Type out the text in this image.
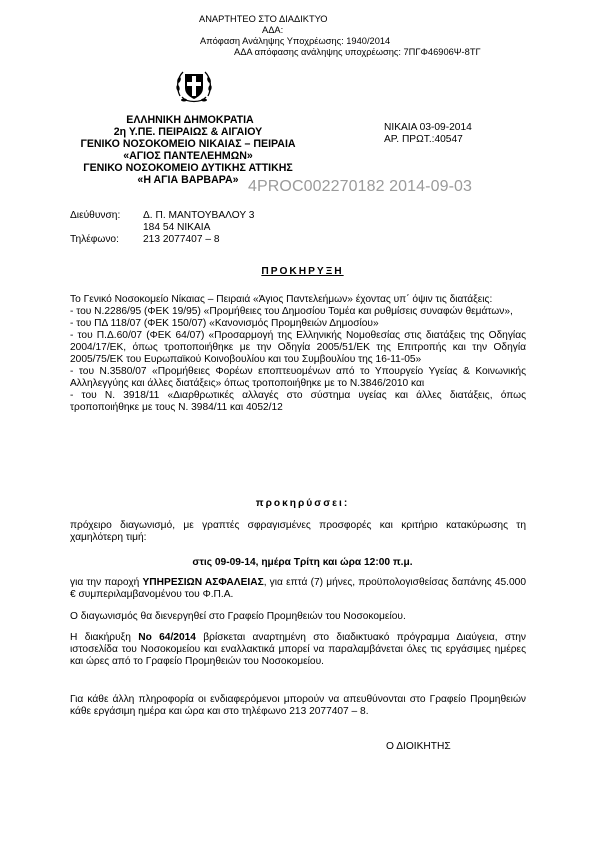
ΑΝΑΡΤΗΤΕΟ ΣΤΟ ΔΙΑΔΙΚΤΥΟ
ΑΔΑ:
Απόφαση Ανάληψης Υποχρέωσης: 1940/2014
ΑΔΑ απόφασης ανάληψης υποχρέωσης: 7ΠΓΦ46906Ψ-8ΤΓ
ΕΛΛΗΝΙΚΗ ΔΗΜΟΚΡΑΤΙΑ
2η Υ.ΠΕ. ΠΕΙΡΑΙΩΣ & ΑΙΓΑΙΟΥ
ΓΕΝΙΚΟ ΝΟΣΟΚΟΜΕΙΟ ΝΙΚΑΙΑΣ – ΠΕΙΡΑΙΑ
«ΑΓΙΟΣ ΠΑΝΤΕΛΕΗΜΩΝ»
ΓΕΝΙΚΟ ΝΟΣΟΚΟΜΕΙΟ ΔΥΤΙΚΗΣ ΑΤΤΙΚΗΣ
«Η ΑΓΙΑ ΒΑΡΒΑΡΑ»
ΝΙΚΑΙΑ 03-09-2014
ΑΡ. ΠΡΩΤ.:40547
4PROC002270182 2014-09-03
Διεύθυνση: Δ. Π. ΜΑΝΤΟΥΒΑΛΟΥ 3
184 54 ΝΙΚΑΙΑ
Τηλέφωνο: 213 2077407 – 8
ΠΡΟΚΗΡΥΞΗ

Το Γενικό Νοσοκομείο Νίκαιας – Πειραιά «Άγιος Παντελεήμων» έχοντας υπ΄ όψιν τις διατάξεις:

- του Ν.2286/95 (ΦΕΚ 19/95) «Προμήθειες του Δημοσίου Τομέα και ρυθμίσεις συναφών θεμάτων»,

- του ΠΔ 118/07 (ΦΕΚ 150/07) «Κανονισμός Προμηθειών Δημοσίου»

- του Π.Δ.60/07 (ΦΕΚ 64/07) «Προσαρμογή της Ελληνικής Νομοθεσίας στις διατάξεις της Οδηγίας 2004/17/ΕΚ, όπως τροποποιήθηκε με την Οδηγία 2005/51/ΕΚ της Επιτροπής και την Οδηγία 2005/75/ΕΚ του Ευρωπαϊκού Κοινοβουλίου και του Συμβουλίου της 16-11-05»

- του Ν.3580/07 «Προμήθειες Φορέων εποπτευομένων από το Υπουργείο Υγείας & Κοινωνικής Αλληλεγγύης και άλλες διατάξεις» όπως τροποποιήθηκε με το Ν.3846/2010 και

- του Ν. 3918/11 «Διαρθρωτικές αλλαγές στο σύστημα υγείας και άλλες διατάξεις, όπως τροποποιήθηκε με τους Ν. 3984/11 και 4052/12

προκηρύσσει:
πρόχειρο διαγωνισμό, με γραπτές σφραγισμένες προσφορές και κριτήριο κατακύρωσης τη χαμηλότερη τιμή:
στις 09-09-14, ημέρα Τρίτη και ώρα 12:00 π.μ.
για την παροχή ΥΠΗΡΕΣΙΩΝ ΑΣΦΑΛΕΙΑΣ, για επτά (7) μήνες, προϋπολογισθείσας δαπάνης 45.000 € συμπεριλαμβανομένου του Φ.Π.Α.
Ο διαγωνισμός θα διενεργηθεί στο Γραφείο Προμηθειών του Νοσοκομείου.
Η διακήρυξη Νο 64/2014 βρίσκεται αναρτημένη στο διαδικτυακό πρόγραμμα Διαύγεια, στην ιστοσελίδα του Νοσοκομείου και εναλλακτικά μπορεί να παραλαμβάνεται όλες τις εργάσιμες ημέρες και ώρες από το Γραφείο Προμηθειών του Νοσοκομείου.
Για κάθε άλλη πληροφορία οι ενδιαφερόμενοι μπορούν να απευθύνονται στο Γραφείο Προμηθειών κάθε εργάσιμη ημέρα και ώρα και στο τηλέφωνο 213 2077407 – 8.
Ο ΔΙΟΙΚΗΤΗΣ
